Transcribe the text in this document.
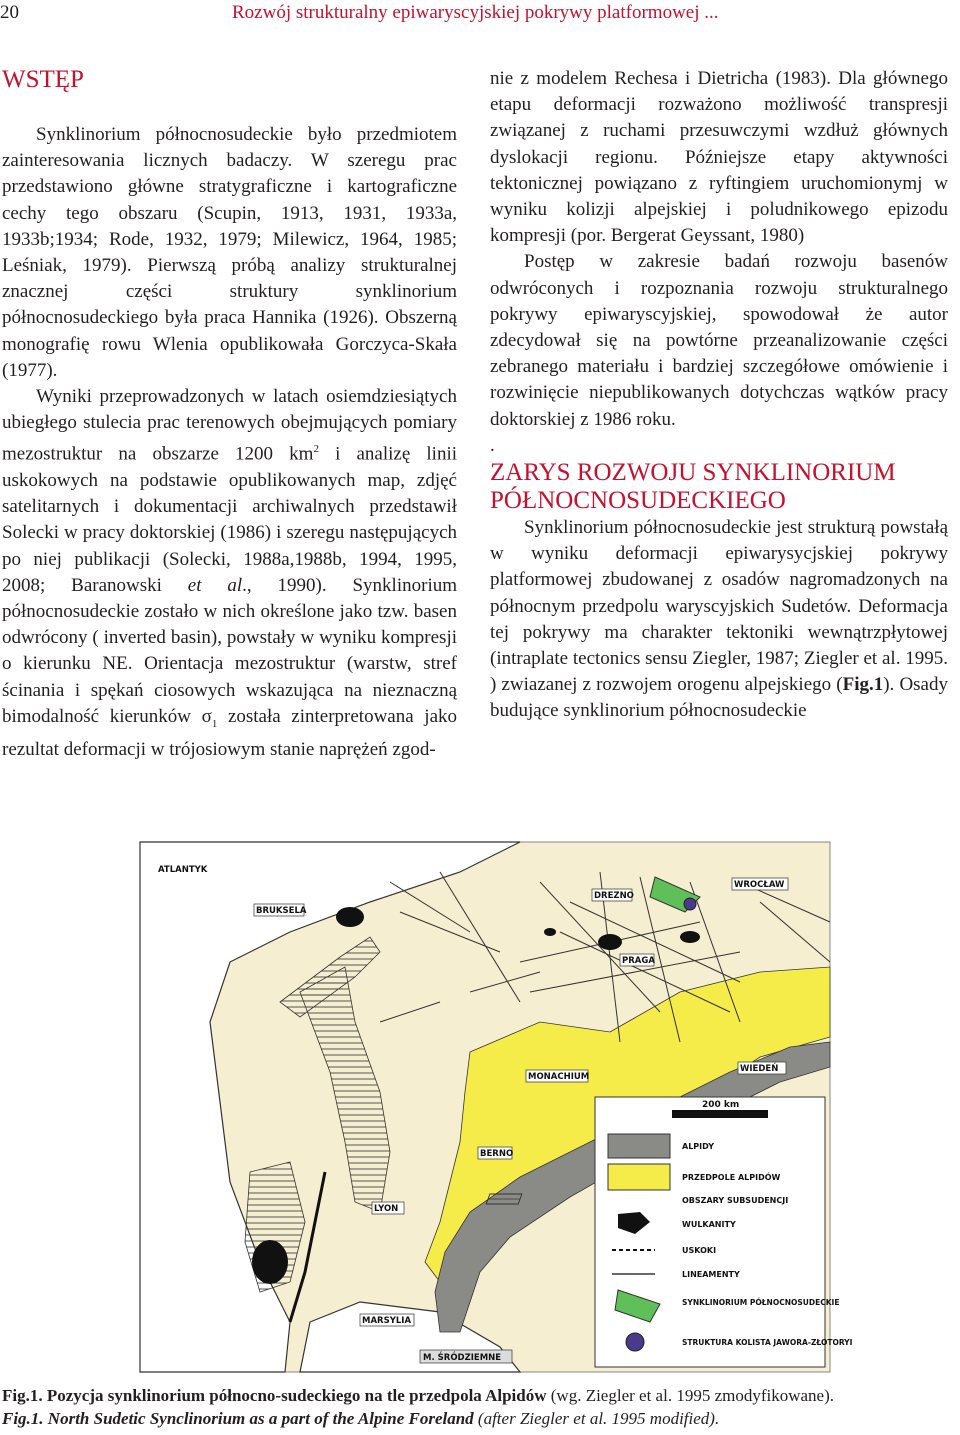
20	Rozwój strukturalny epiwaryscyjskiej pokrywy platformowej ...
WSTĘP

Synklinorium północnosudeckie było przedmiotem zainteresowania licznych badaczy. W szeregu prac przedstawiono główne stratygraficzne i kartograficzne cechy tego obszaru (Scupin, 1913, 1931, 1933a, 1933b;1934; Rode, 1932, 1979; Milewicz, 1964, 1985; Leśniak, 1979). Pierwszą próbą analizy strukturalnej znacznej części struktury synklinorium północnosudeckiego była praca Hannika (1926). Obszerną monografię rowu Wlenia opublikowała Gorczyca-Skała (1977).

Wyniki przeprowadzonych w latach osiemdziesiątych ubiegłego stulecia prac terenowych obejmujących pomiary mezostruktur na obszarze 1200 $km^2$ i analizę linii uskokowych na podstawie opublikowanych map, zdjęć satelitarnych i dokumentacji archiwalnych przedstawił Solecki w pracy doktorskiej (1986) i szeregu następujących po niej publikacji (Solecki, 1988a,1988b, 1994, 1995, 2008; Baranowski et al., 1990). Synklinorium północnosudeckie zostało w nich określone jako tzw. basen odwrócony ( inverted basin), powstały w wyniku kompresji o kierunku NE. Orientacja mezostruktur (warstw, stref ścinania i spękań ciosowych wskazująca na nieznaczną bimodalność kierunków $\sigma_1$ została zinterpretowana jako rezultat deformacji w trójosiowym stanie naprężeń zgod-

nie z modelem Rechesa i Dietricha (1983). Dla głównego etapu deformacji rozważono możliwość transpresji związanej z ruchami przesuwczymi wzdłuż głównych dyslokacji regionu. Późniejsze etapy aktywności tektonicznej powiązano z ryftingiem uruchomionymj w wyniku kolizji alpejskiej i poludnikowego epizodu kompresji (por. Bergerat Geyssant, 1980)

Postęp w zakresie badań rozwoju basenów odwróconych i rozpoznania rozwoju strukturalnego pokrywy epiwaryscyjskiej, spowodował że autor zdecydował się na powtórne przeanalizowanie części zebranego materiału i bardziej szczegółowe omówienie i rozwinięcie niepublikowanych dotychczas wątków pracy doktorskiej z 1986 roku.

.

ZARYS ROZWOJU SYNKLINORIUM PÓŁNOCNOSUDECKIEGO

Synklinorium północnosudeckie jest strukturą powstałą w wyniku deformacji epiwarysycjskiej pokrywy platformowej zbudowanej z osadów nagromadzonych na północnym przedpolu waryscyjskich Sudetów. Deformacja tej pokrywy ma charakter tektoniki wewnątrzpłytowej (intraplate tectonics sensu Ziegler, 1987; Ziegler et al. 1995. ) zwiazanej z rozwojem orogenu alpejskiego (Fig.1). Osady budujące synklinorium północnosudeckie

ATLANTYK
BRUKSELA
DREZNO
WROCŁAW
PRAGA
MONACHIUM
WIEDEŃ
BERNO
LYON
MARSYLIA
M. ŚRÓDZIEMNE
200 km
ALPIDY
PRZEDPOLE ALPIDÓW
OBSZARY SUBSUDENCJI
WULKANITY
USKOKI
LINEAMENTY
SYNKLINORIUM PÓŁNOCNOSUDECKIE
STRUKTURA KOLISTA JAWORA-ZŁOTORYI
Fig.1. Pozycja synklinorium północno-sudeckiego na tle przedpola Alpidów (wg. Ziegler et al. 1995 zmodyfikowane).
Fig.1. North Sudetic Synclinorium as a part of the Alpine Foreland (after Ziegler et al. 1995 modified).
